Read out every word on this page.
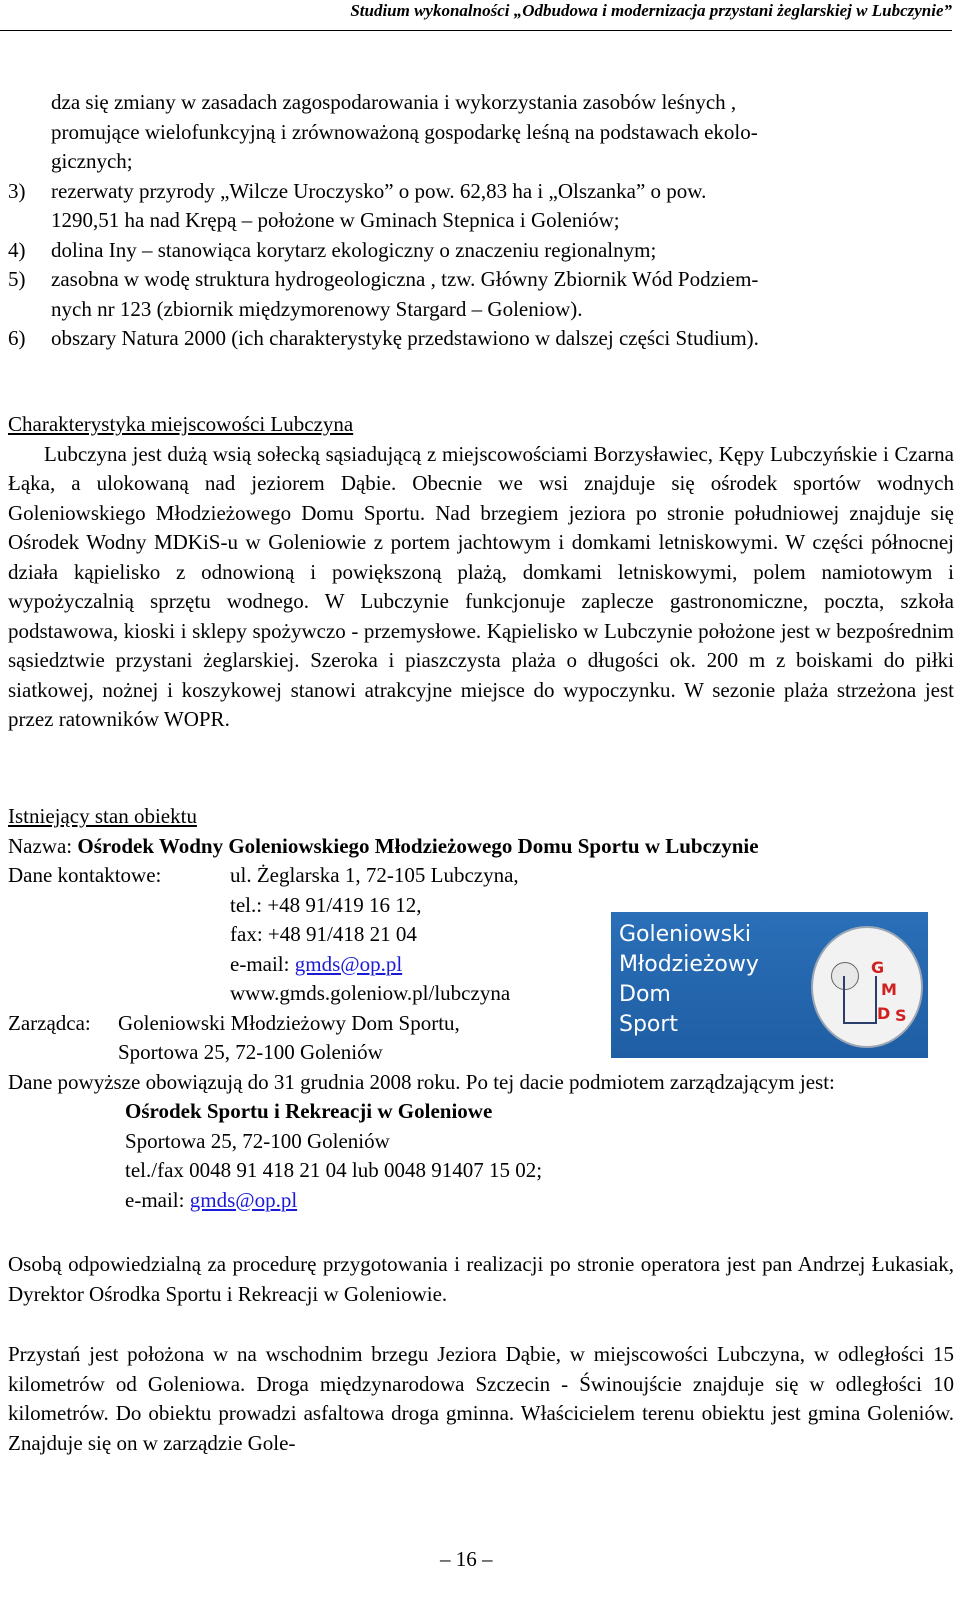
Studium wykonalności „Odbudowa i modernizacja przystani żeglarskiej w Lubczynie”
dza się zmiany w zasadach zagospodarowania i wykorzystania zasobów leśnych ,
promujące wielofunkcyjną i zrównoważoną gospodarkę leśną na podstawach ekolo-
gicznych;
3) rezerwaty przyrody „Wilcze Uroczysko” o pow. 62,83 ha i „Olszanka” o pow.
1290,51 ha nad Krępą – położone w Gminach Stepnica i Goleniów;
4) dolina Iny – stanowiąca korytarz ekologiczny o znaczeniu regionalnym;
5) zasobna w wodę struktura hydrogeologiczna , tzw. Główny Zbiornik Wód Podziem-
nych nr 123 (zbiornik międzymorenowy Stargard – Goleniow).
6) obszary Natura 2000 (ich charakterystykę przedstawiono w dalszej części Studium).
Charakterystyka miejscowości Lubczyna

Lubczyna jest dużą wsią sołecką sąsiadującą z miejscowościami Borzysławiec, Kępy Lubczyńskie i Czarna Łąka, a ulokowaną nad jeziorem Dąbie. Obecnie we wsi znajduje się ośrodek sportów wodnych Goleniowskiego Młodzieżowego Domu Sportu. Nad brzegiem jeziora po stronie południowej znajduje się Ośrodek Wodny MDKiS-u w Goleniowie z portem jachtowym i domkami letniskowymi. W części północnej działa kąpielisko z odnowioną i powiększoną plażą, domkami letniskowymi, polem namiotowym i wypożyczalnią sprzętu wodnego. W Lubczynie funkcjonuje zaplecze gastronomiczne, poczta, szkoła podstawowa, kioski i sklepy spożywczo - przemysłowe. Kąpielisko w Lubczynie położone jest w bezpośrednim sąsiedztwie przystani żeglarskiej. Szeroka i piaszczysta plaża o długości ok. 200 m z boiskami do piłki siatkowej, nożnej i koszykowej stanowi atrakcyjne miejsce do wypoczynku. W sezonie plaża strzeżona jest przez ratowników WOPR.

Istniejący stan obiektu
Nazwa: Ośrodek Wodny Goleniowskiego Młodzieżowego Domu Sportu w Lubczynie
Dane kontaktowe:	ul. Żeglarska 1, 72-105 Lubczyna,
tel.: +48 91/419 16 12,
fax: +48 91/418 21 04
e-mail: gmds@op.pl
www.gmds.goleniow.pl/lubczyna
Zarządca: Goleniowski Młodzieżowy Dom Sportu,
Sportowa 25, 72-100 Goleniów

Dane powyższe obowiązują do 31 grudnia 2008 roku. Po tej dacie podmiotem zarządzającym jest:

Ośrodek Sportu i Rekreacji w Goleniowe
Sportowa 25, 72-100 Goleniów
tel./fax 0048 91 418 21 04 lub 0048 91407 15 02;
e-mail: gmds@op.pl
Goleniowski
Młodzieżowy
Dom
Sport
G
M
D S

Osobą odpowiedzialną za procedurę przygotowania i realizacji po stronie operatora jest pan Andrzej Łukasiak, Dyrektor Ośrodka Sportu i Rekreacji w Goleniowie.

Przystań jest położona w na wschodnim brzegu Jeziora Dąbie, w miejscowości Lubczyna, w odległości 15 kilometrów od Goleniowa. Droga międzynarodowa Szczecin - Świnoujście znajduje się w odległości 10 kilometrów. Do obiektu prowadzi asfaltowa droga gminna. Właścicielem terenu obiektu jest gmina Goleniów. Znajduje się on w zarządzie Gole-

– 16 –
